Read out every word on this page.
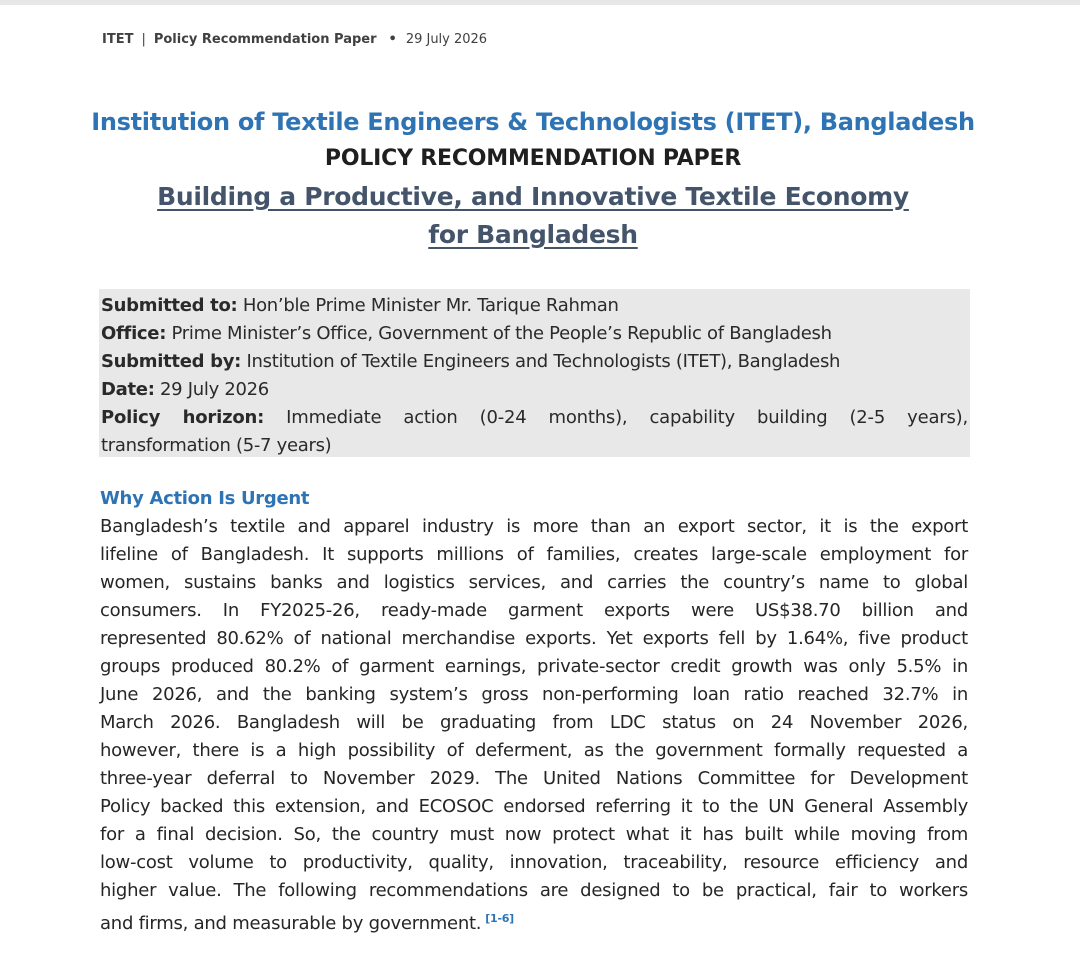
ITET | Policy Recommendation Paper • 29 July 2026
Institution of Textile Engineers & Technologists (ITET), Bangladesh
POLICY RECOMMENDATION PAPER
Building a Productive, and Innovative Textile Economy for Bangladesh
Submitted to: Hon’ble Prime Minister Mr. Tarique Rahman
Office: Prime Minister’s Office, Government of the People’s Republic of Bangladesh
Submitted by: Institution of Textile Engineers and Technologists (ITET), Bangladesh
Date: 29 July 2026
Policy horizon: Immediate action (0-24 months), capability building (2-5 years),
transformation (5-7 years)
Why Action Is Urgent
Bangladesh’s textile and apparel industry is more than an export sector, it is the export
lifeline of Bangladesh. It supports millions of families, creates large-scale employment for
women, sustains banks and logistics services, and carries the country’s name to global
consumers. In FY2025-26, ready-made garment exports were US$38.70 billion and
represented 80.62% of national merchandise exports. Yet exports fell by 1.64%, five product
groups produced 80.2% of garment earnings, private-sector credit growth was only 5.5% in
June 2026, and the banking system’s gross non-performing loan ratio reached 32.7% in
March 2026. Bangladesh will be graduating from LDC status on 24 November 2026,
however, there is a high possibility of deferment, as the government formally requested a
three-year deferral to November 2029. The United Nations Committee for Development
Policy backed this extension, and ECOSOC endorsed referring it to the UN General Assembly
for a final decision. So, the country must now protect what it has built while moving from
low-cost volume to productivity, quality, innovation, traceability, resource efficiency and
higher value. The following recommendations are designed to be practical, fair to workers
and firms, and measurable by government. [1-6]
